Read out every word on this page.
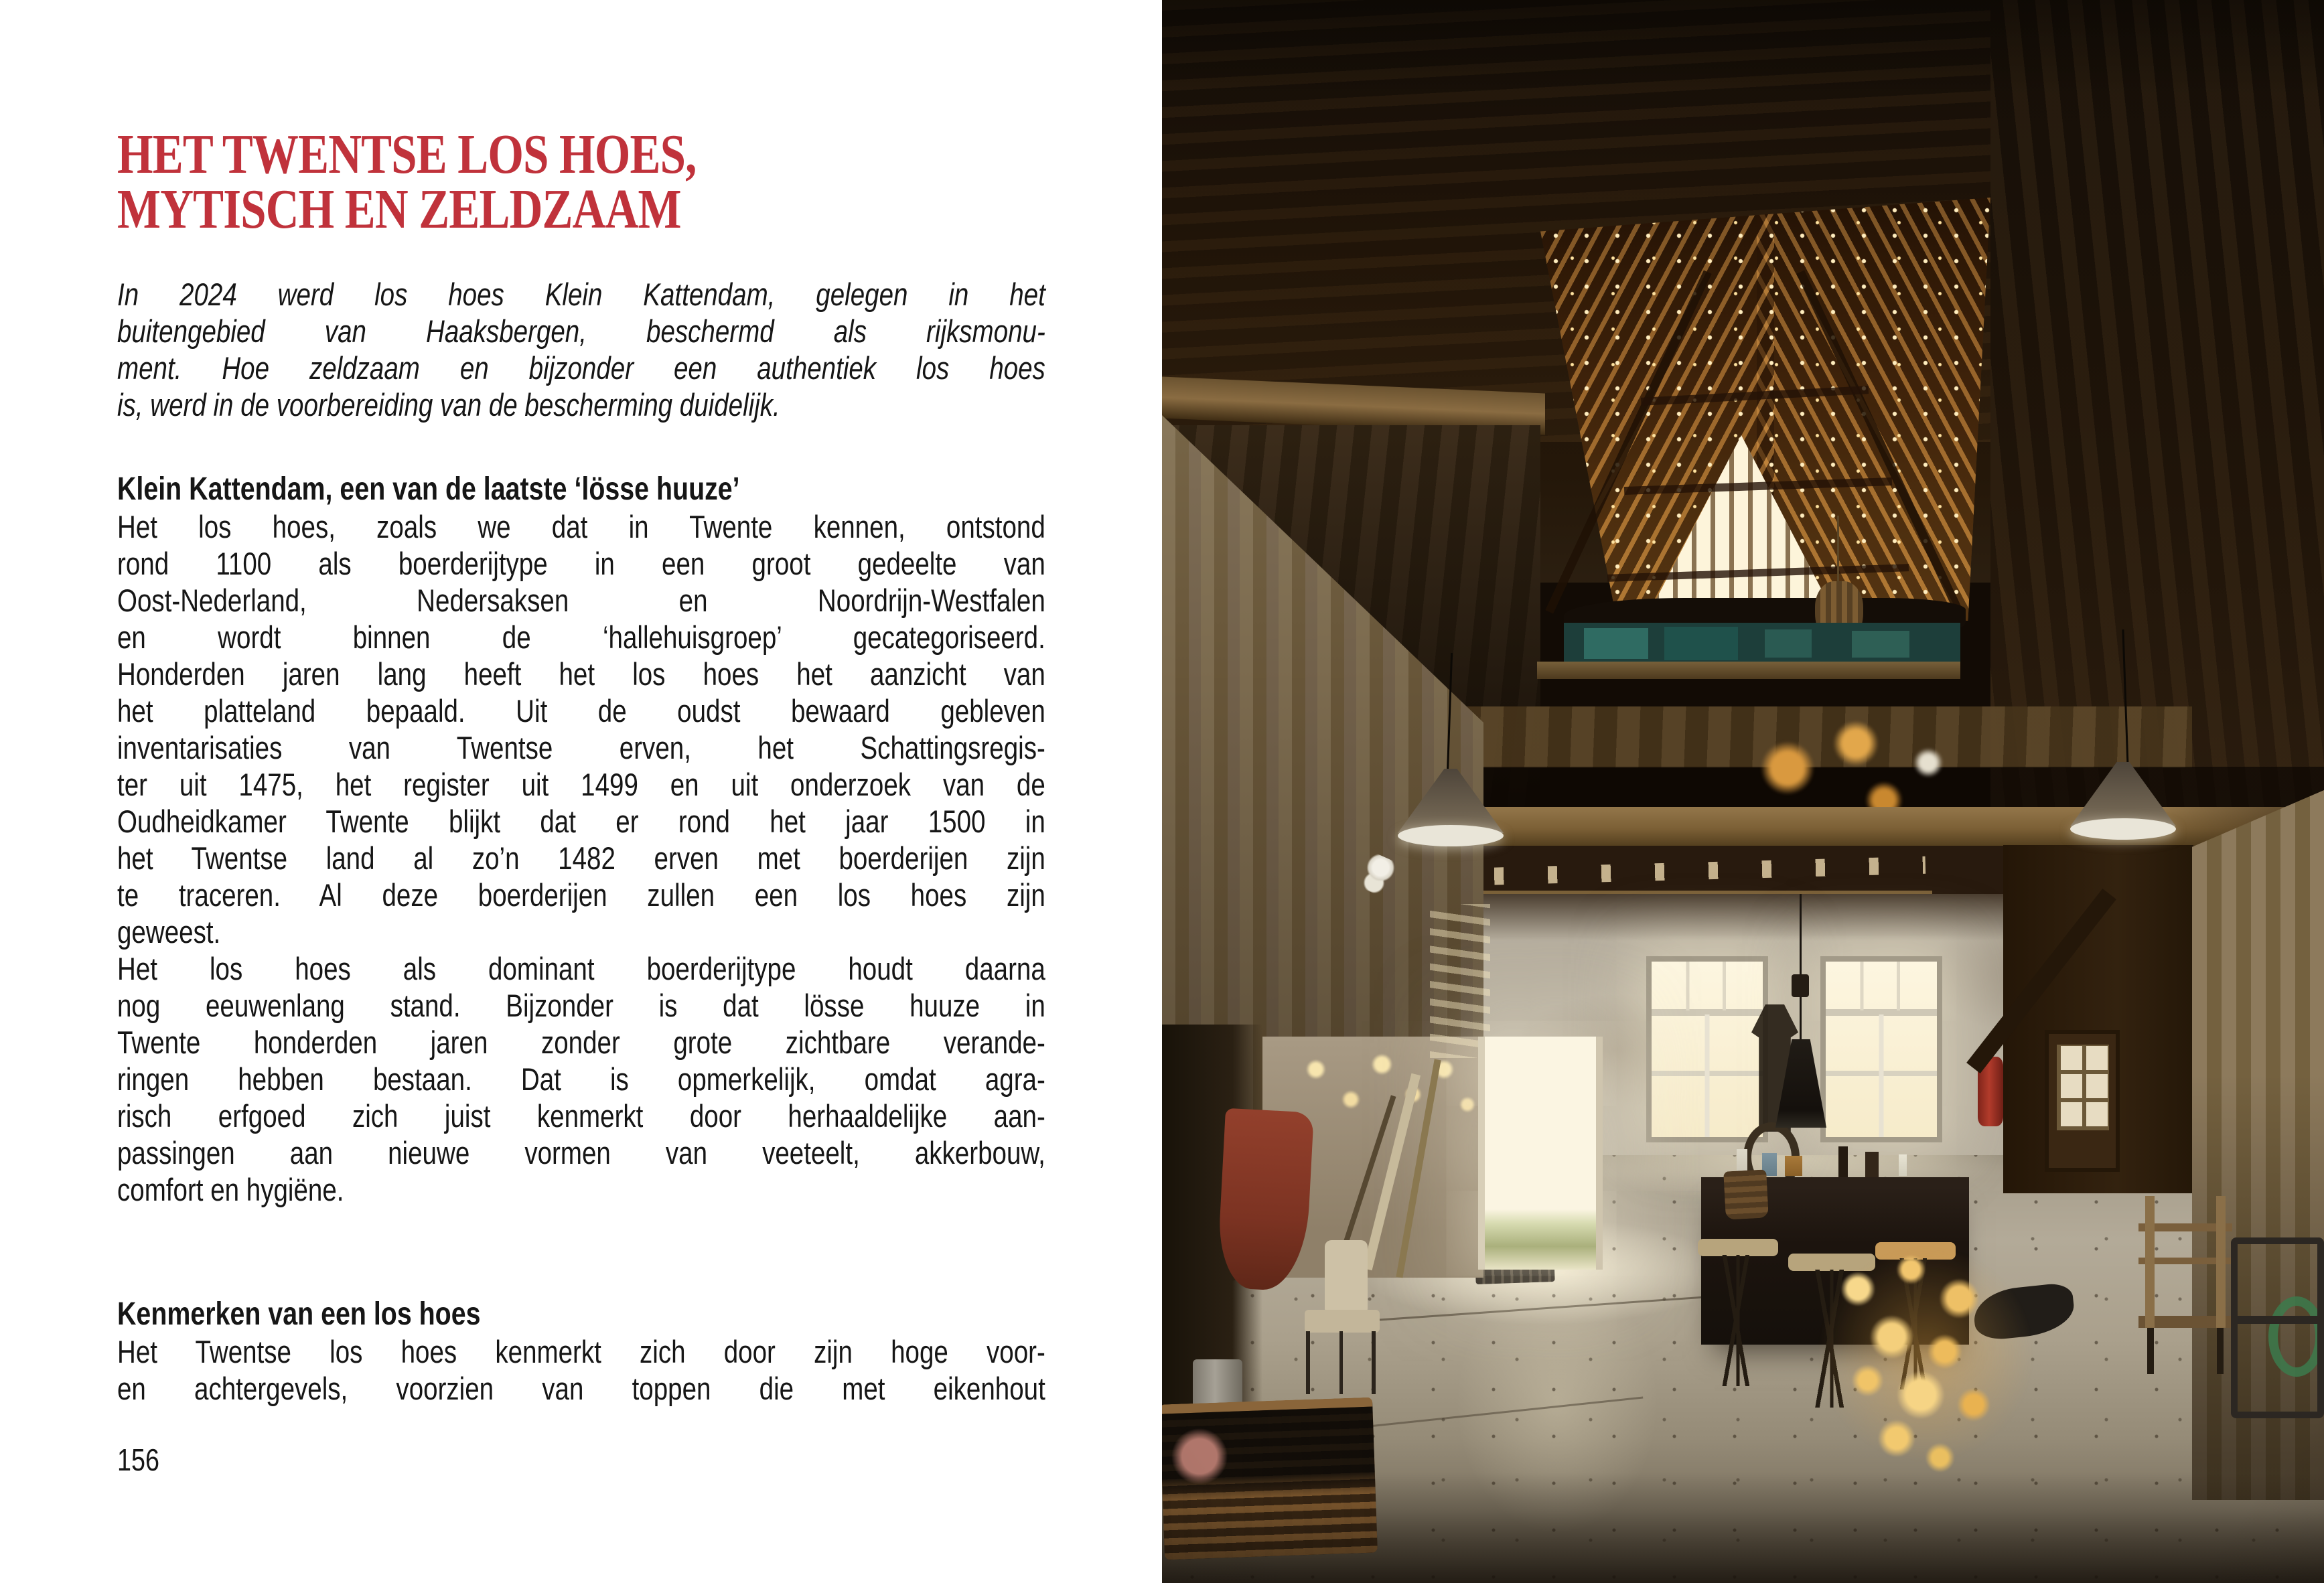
HET TWENTSE LOS HOES,
MYTISCH EN ZELDZAAM
In 2024 werd los hoes Klein Kattendam, gelegen in het
buitengebied van Haaksbergen, beschermd als rijksmonu-
ment. Hoe zeldzaam en bijzonder een authentiek los hoes
is, werd in de voorbereiding van de bescherming duidelijk.
Klein Kattendam, een van de laatste ‘lösse huuze’
Het los hoes, zoals we dat in Twente kennen, ontstond
rond 1100 als boerderijtype in een groot gedeelte van
Oost-Nederland, Nedersaksen en Noordrijn-Westfalen
en wordt binnen de ‘hallehuisgroep’ gecategoriseerd.
Honderden jaren lang heeft het los hoes het aanzicht van
het platteland bepaald. Uit de oudst bewaard gebleven
inventarisaties van Twentse erven, het Schattingsregis-
ter uit 1475, het register uit 1499 en uit onderzoek van de
Oudheidkamer Twente blijkt dat er rond het jaar 1500 in
het Twentse land al zo’n 1482 erven met boerderijen zijn
te traceren. Al deze boerderijen zullen een los hoes zijn
geweest.
Het los hoes als dominant boerderijtype houdt daarna
nog eeuwenlang stand. Bijzonder is dat lösse huuze in
Twente honderden jaren zonder grote zichtbare verande-
ringen hebben bestaan. Dat is opmerkelijk, omdat agra-
risch erfgoed zich juist kenmerkt door herhaaldelijke aan-
passingen aan nieuwe vormen van veeteelt, akkerbouw,
comfort en hygiëne.
Kenmerken van een los hoes
Het Twentse los hoes kenmerkt zich door zijn hoge voor-
en achtergevels, voorzien van toppen die met eikenhout
156
